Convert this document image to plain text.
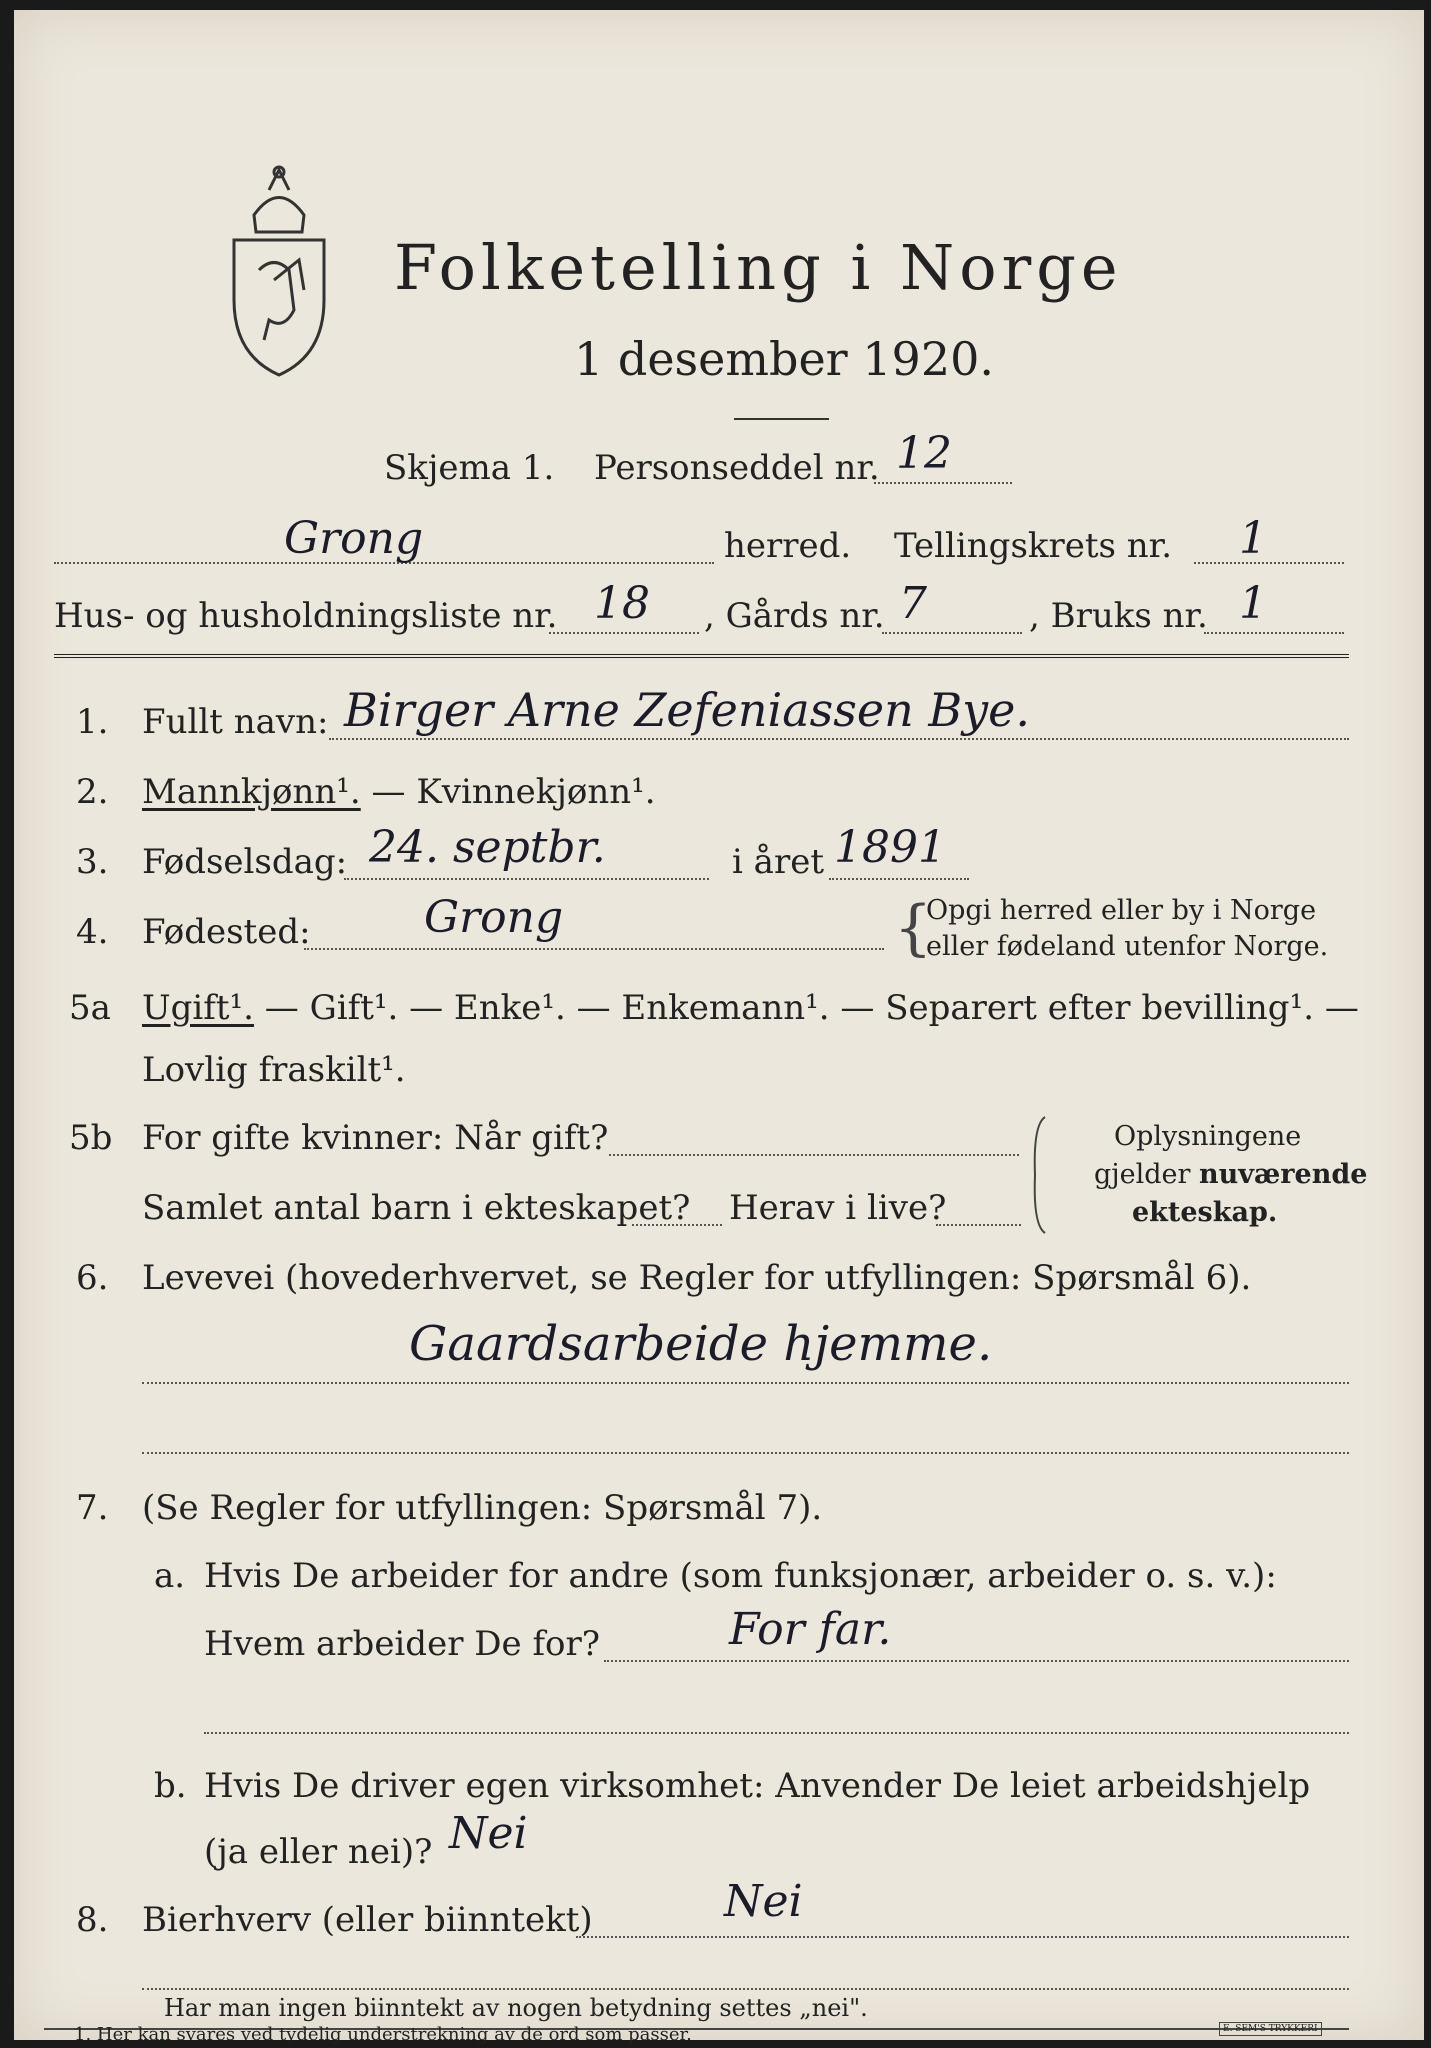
Folketelling i Norge
1 desember 1920.
Skjema 1. Personseddel nr. 12
Grong	herred. Tellingskrets nr. 1
Hus- og husholdningsliste nr. 18 , Gårds nr. 7	, Bruks nr. 1
1. Fullt navn: Birger Arne Zefeniassen Bye.
2. Mannkjønn¹. — Kvinnekjønn¹.
3. Fødselsdag: 24. septbr.	i året 1891
4. Fødested:	Grong	{
Opgi herred eller by i Norge
eller fødeland utenfor Norge.
5a Ugift¹. — Gift¹. — Enke¹. — Enkemann¹. — Separert efter bevilling¹. —
Lovlig fraskilt¹.
5b For gifte kvinner: Når gift?
Samlet antal barn i ekteskapet? Herav i live?
Oplysningene
gjelder nuværende
ekteskap.
6. Levevei (hovederhvervet, se Regler for utfyllingen: Spørsmål 6).
Gaardsarbeide hjemme.
7. (Se Regler for utfyllingen: Spørsmål 7).
a. Hvis De arbeider for andre (som funksjonær, arbeider o. s. v.):
Hvem arbeider De for?	For far.
b. Hvis De driver egen virksomhet: Anvender De leiet arbeidshjelp
(ja eller nei)? Nei
8. Bierhverv (eller biinntekt)	Nei
Har man ingen biinntekt av nogen betydning settes „nei".
E. SEM'S TRYKKERI
1. Her kan svares ved tydelig understrekning av de ord som passer.
